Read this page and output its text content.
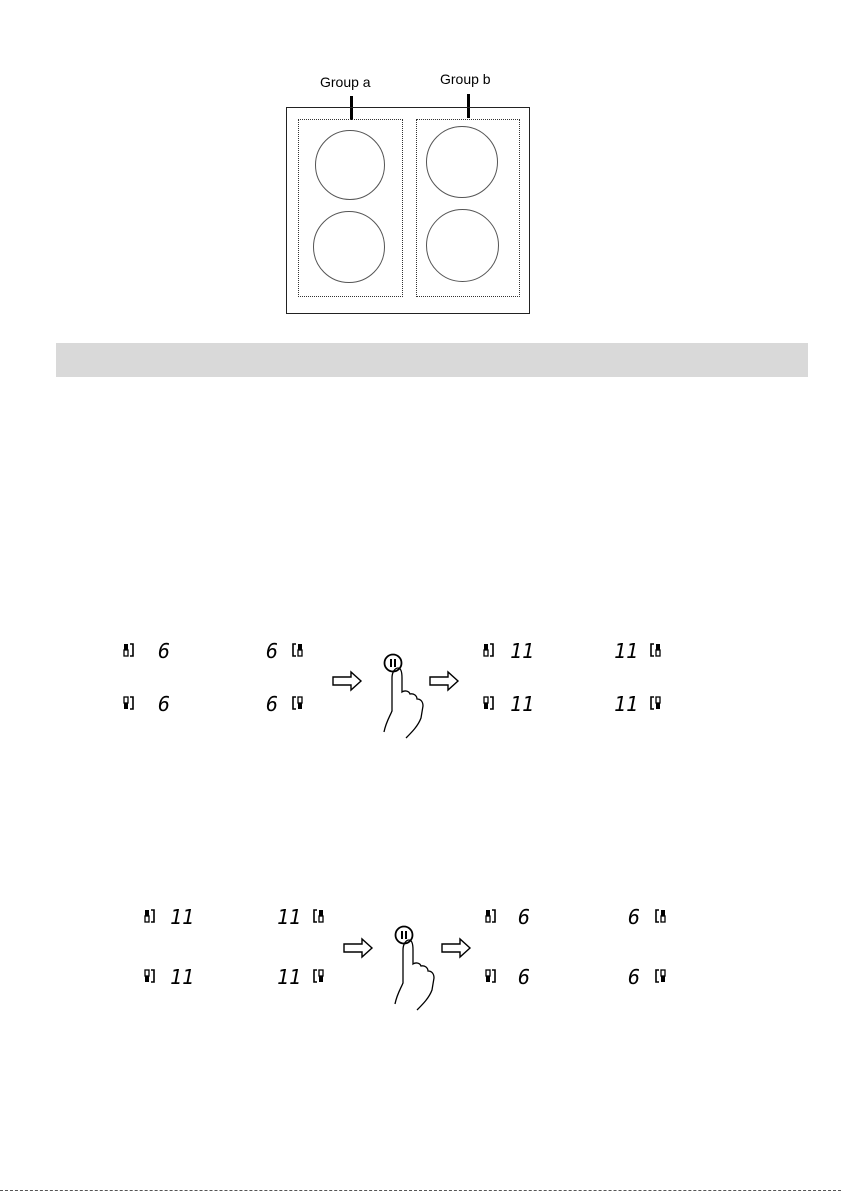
Group a	Group b
6
6
6
6
11
11
11
11
11
11
11
11
6
6
6
6
